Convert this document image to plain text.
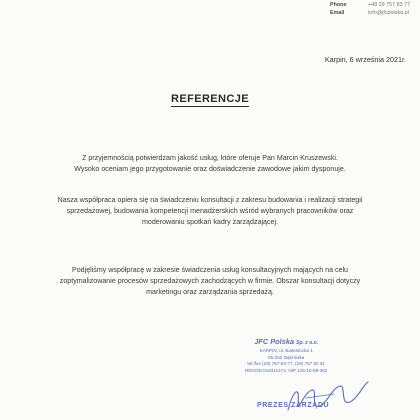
Phone	+48 29 757 83 77
Email	info@jfcpolska.pl
Karpin, 6 września 2021r.
REFERENCJE
Z przyjemnością potwierdzam jakość usług, które oferuje Pan Marcin Kruszewski.
Wysoko oceniam jego przygotowanie oraz doświadczenie zawodowe jakim dysponuje.
Nasza współpraca opiera się na świadczeniu konsultacji z zakresu budowania i realizacji strategii
sprzedażowej, budowania kompetencji menadżerskich wśród wybranych pracowników oraz
moderowaniu spotkań kadry zarządzającej.
Podjęliśmy współpracę w zakresie świadczenia usług konsultacyjnych mających na celu
zoptymalizowanie procesów sprzedażowych zachodzących w firmie. Obszar konsultacji dotyczy
marketingu oraz zarządzania sprzedażą.
JFC Polska Sp. z o.o.
KARPIN, ul. Bialostocka 1
05-252 Dąbrówka
tel./fax (29) 757-83-77, (29) 757 82 01
REGON 016311472, NIP 125-10-98-362
PREZES ZARZĄDU
